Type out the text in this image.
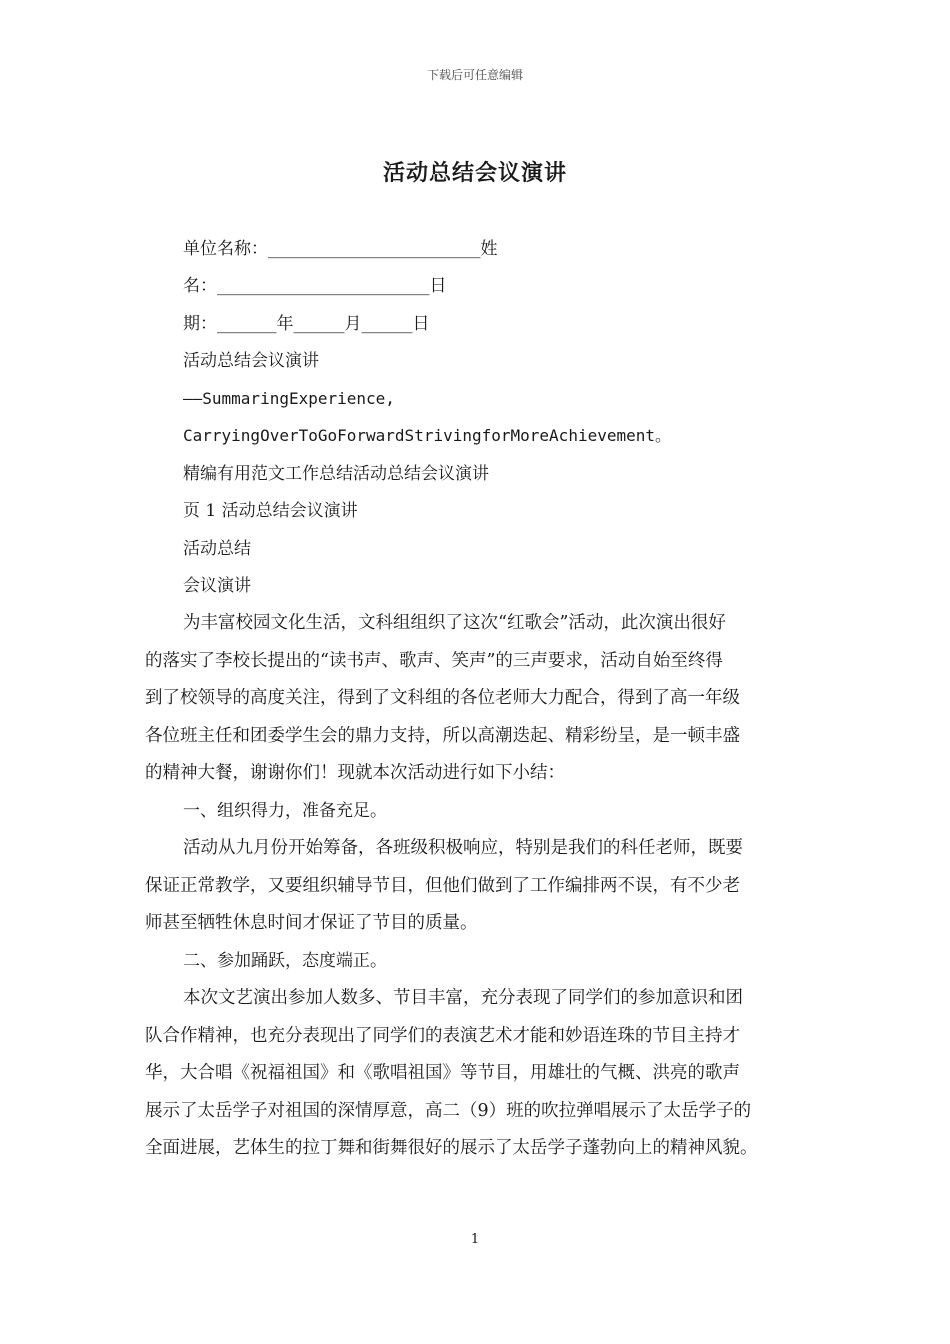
下载后可任意编辑
活动总结会议演讲
单位名称：_________________________姓
名：_________________________日
期：_______年______月______日
活动总结会议演讲
——SummaringExperience,
CarryingOverToGoForwardStrivingforMoreAchievement。
精编有用范文工作总结活动总结会议演讲
页 1 活动总结会议演讲
活动总结
会议演讲
为丰富校园文化生活，文科组组织了这次“红歌会”活动，此次演出很好
的落实了李校长提出的“读书声、歌声、笑声”的三声要求，活动自始至终得
到了校领导的高度关注，得到了文科组的各位老师大力配合，得到了高一年级
各位班主任和团委学生会的鼎力支持，所以高潮迭起、精彩纷呈，是一顿丰盛
的精神大餐，谢谢你们！现就本次活动进行如下小结：
一、组织得力，准备充足。
活动从九月份开始筹备，各班级积极响应，特别是我们的科任老师，既要
保证正常教学，又要组织辅导节目，但他们做到了工作编排两不误，有不少老
师甚至牺牲休息时间才保证了节目的质量。
二、参加踊跃，态度端正。
本次文艺演出参加人数多、节目丰富，充分表现了同学们的参加意识和团
队合作精神，也充分表现出了同学们的表演艺术才能和妙语连珠的节目主持才
华，大合唱《祝福祖国》和《歌唱祖国》等节目，用雄壮的气概、洪亮的歌声
展示了太岳学子对祖国的深情厚意，高二（9）班的吹拉弹唱展示了太岳学子的
全面进展，艺体生的拉丁舞和街舞很好的展示了太岳学子蓬勃向上的精神风貌。
1
